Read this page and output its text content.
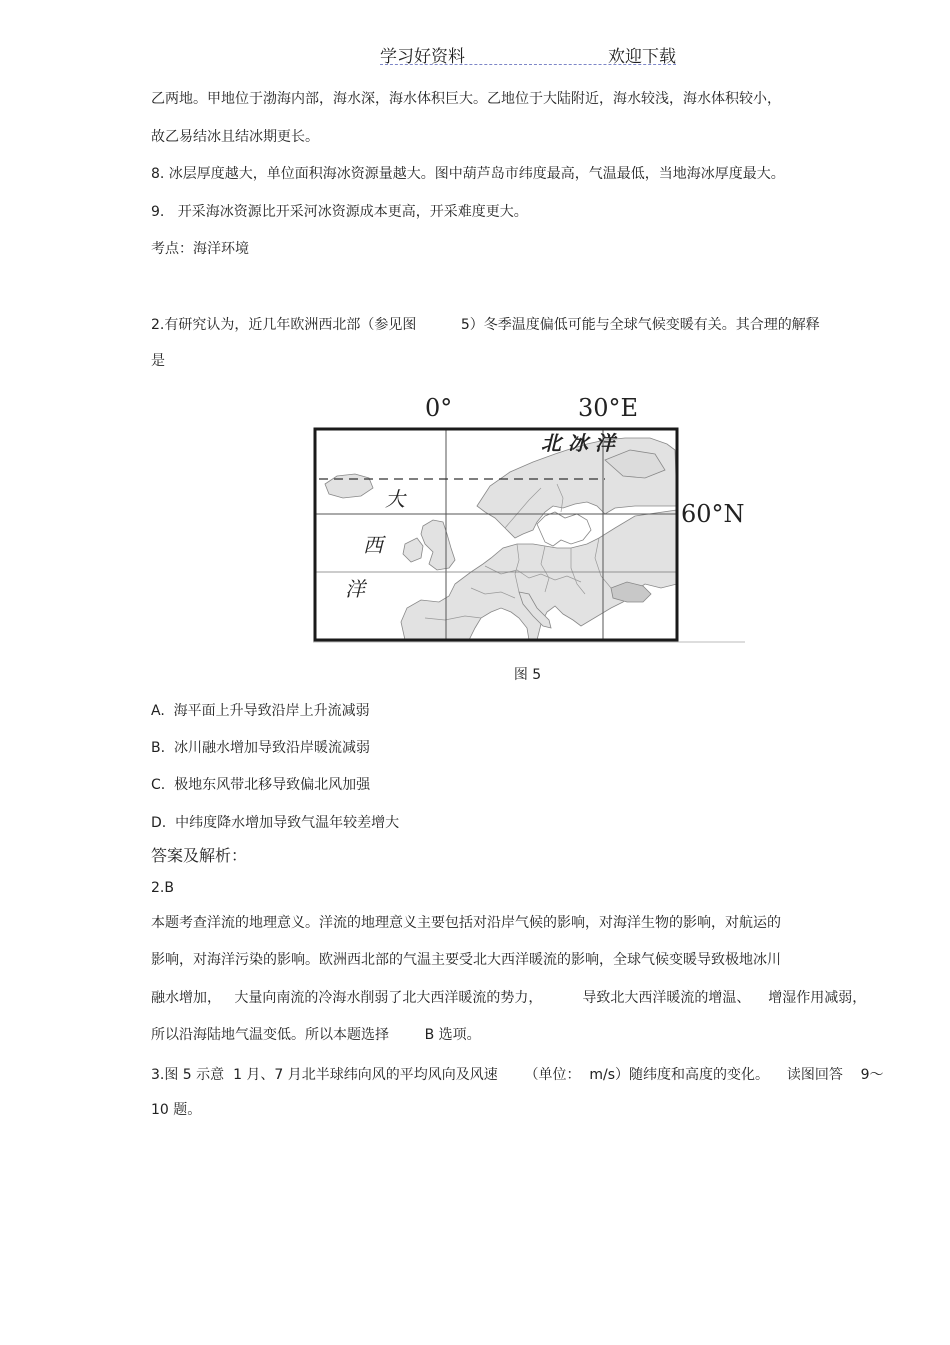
学习好资料	欢迎下载
乙两地。甲地位于渤海内部，海水深，海水体积巨大。乙地位于大陆附近，海水较浅，海水体积较小，
故乙易结冰且结冰期更长。
8. 冰层厚度越大，单位面积海冰资源量越大。图中葫芦岛市纬度最高，气温最低，当地海冰厚度最大。
9.   开采海冰资源比开采河冰资源成本更高，开采难度更大。
考点：海洋环境
2.有研究认为，近几年欧洲西北部（参见图          5）冬季温度偏低可能与全球气候变暖有关。其合理的解释
是
0°	30°E
北 冰 洋
大
西
洋
60°N
图 5
A.  海平面上升导致沿岸上升流减弱
B.  冰川融水增加导致沿岸暖流减弱
C.  极地东风带北移导致偏北风加强
D.  中纬度降水增加导致气温年较差增大
答案及解析：
2.B
本题考查洋流的地理意义。洋流的地理意义主要包括对沿岸气候的影响，对海洋生物的影响，对航运的
影响，对海洋污染的影响。欧洲西北部的气温主要受北大西洋暖流的影响，全球气候变暖导致极地冰川
融水增加，   大量向南流的冷海水削弱了北大西洋暖流的势力，         导致北大西洋暖流的增温、    增湿作用减弱，
所以沿海陆地气温变低。所以本题选择        B 选项。
3.图 5 示意  1 月、7 月北半球纬向风的平均风向及风速      （单位：  m/s）随纬度和高度的变化。    读图回答    9～
10 题。
